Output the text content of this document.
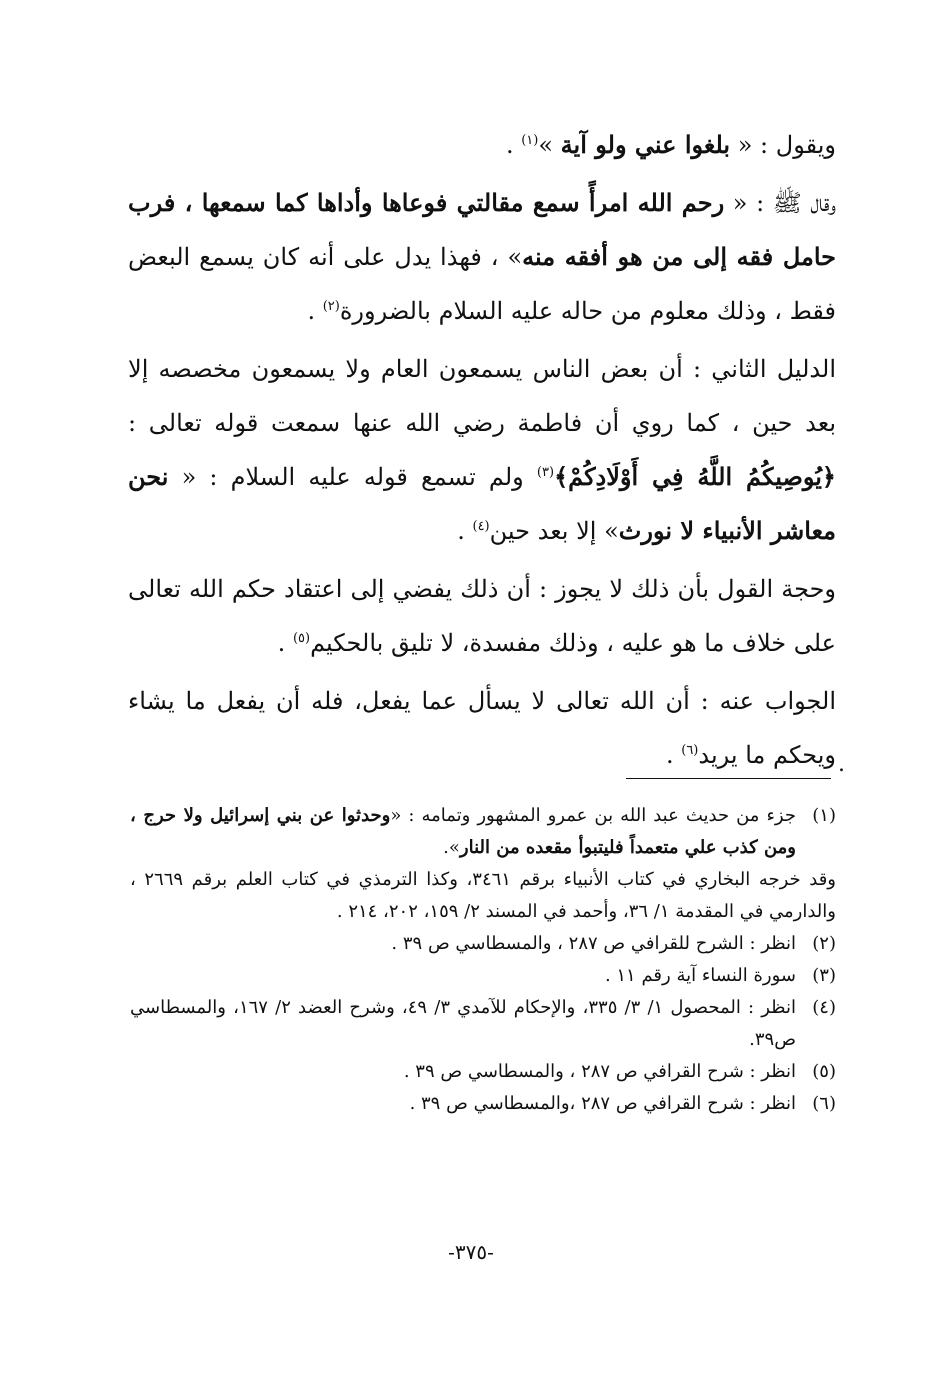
ويقول : « بلغوا عني ولو آية »$^{(١)}$ .

وقال ﷺ : « رحم الله امرأً سمع مقالتي فوعاها وأداها كما سمعها ، فرب حامل فقه إلى من هو أفقه منه» ، فهذا يدل على أنه كان يسمع البعض فقط ، وذلك معلوم من حاله عليه السلام بالضرورة$^{(٢)}$ .

الدليل الثاني : أن بعض الناس يسمعون العام ولا يسمعون مخصصه إلا بعد حين ، كما روي أن فاطمة رضي الله عنها سمعت قوله تعالى : ﴿يُوصِيكُمُ اللَّهُ فِي أَوْلَادِكُمْ﴾$^{(٣)}$ ولم تسمع قوله عليه السلام : « نحن معاشر الأنبياء لا نورث» إلا بعد حين$^{(٤)}$ .

وحجة القول بأن ذلك لا يجوز : أن ذلك يفضي إلى اعتقاد حكم الله تعالى على خلاف ما هو عليه ، وذلك مفسدة، لا تليق بالحكيم$^{(٥)}$ .

الجواب عنه : أن الله تعالى لا يسأل عما يفعل، فله أن يفعل ما يشاء ويحكم ما يريد$^{(٦)}$ .	.
(١)
جزء من حديث عبد الله بن عمرو المشهور وتمامه : «وحدثوا عن بني إسرائيل ولا حرج ، ومن كذب علي متعمداً فليتبوأ مقعده من النار».

وقد خرجه البخاري في كتاب الأنبياء برقم ٣٤٦١، وكذا الترمذي في كتاب العلم برقم ٢٦٦٩ ، والدارمي في المقدمة ١/ ٣٦، وأحمد في المسند ٢/ ١٥٩، ٢٠٢، ٢١٤ .

(٢)
انظر : الشرح للقرافي ص ٢٨٧ ، والمسطاسي ص ٣٩ .
(٣)
سورة النساء آية رقم ١١ .
(٤)
انظر : المحصول ١/ ٣/ ٣٣٥، والإحكام للآمدي ٣/ ٤٩، وشرح العضد ٢/ ١٦٧، والمسطاسي ص٣٩.
(٥)
انظر : شرح القرافي ص ٢٨٧ ، والمسطاسي ص ٣٩ .
(٦)
انظر : شرح القرافي ص ٢٨٧ ،والمسطاسي ص ٣٩ .
-٣٧٥-
